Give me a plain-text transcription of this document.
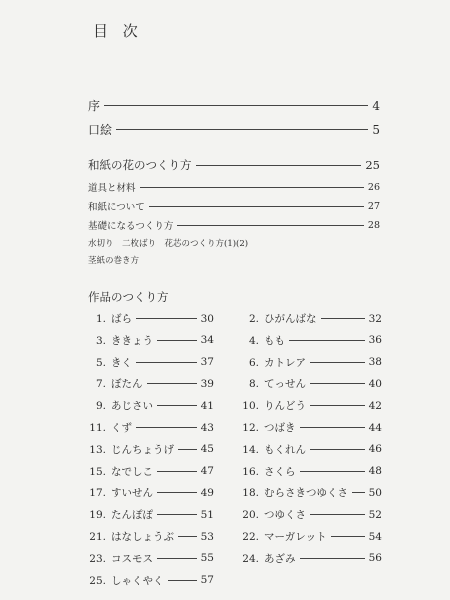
目 次
序	4
口絵	5
和紙の花のつくり方	25
道具と材料	26
和紙について	27
基礎になるつくり方	28
水切り　二枚ばり　花芯のつくり方(1)(2)
茎紙の巻き方
作品のつくり方
1. ばら	30	2. ひがんばな	32
3. ききょう	34	4. もも	36
5. きく	37	6. カトレア	38
7. ぼたん	39	8. てっせん	40
9. あじさい	41	10. りんどう	42
11. くず	43	12. つばき	44
13. じんちょうげ	45	14. もくれん	46
15. なでしこ	47	16. さくら	48
17. すいせん	49	18. むらさきつゆくさ 50
19. たんぽぽ	51	20. つゆくさ	52
21. はなしょうぶ	53	22. マーガレット	54
23. コスモス	55	24. あざみ	56
25. しゃくやく	57
